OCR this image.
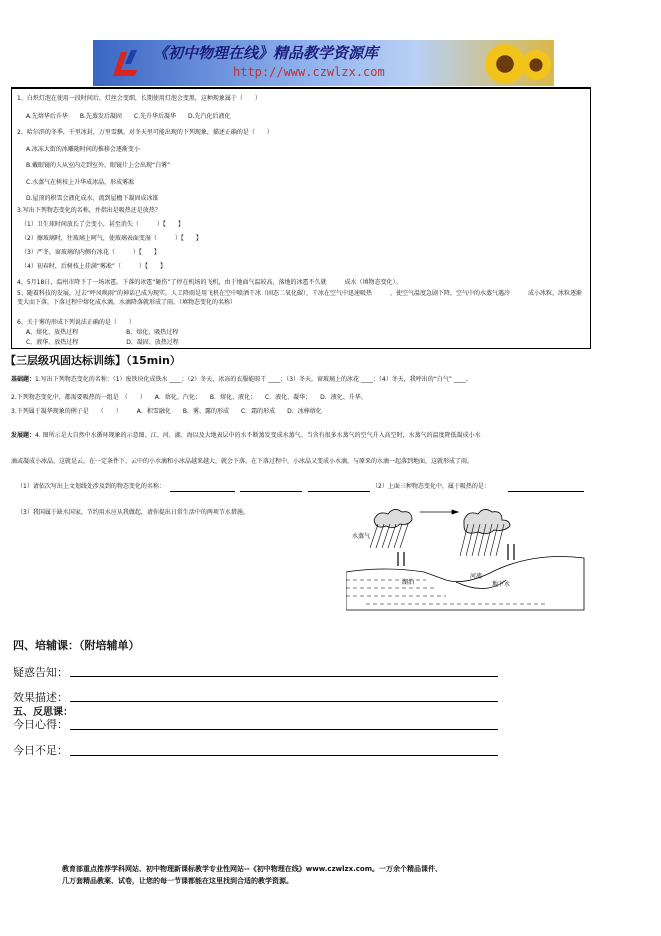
《初中物理在线》精品教学资源库
http://www.czwlzx.com
1、白炽灯泡在使用一段时间后，灯丝会变细，长期使用灯泡会变黑，这种现象属于（　　）
A.先熔华后升华　　B.先蒸发后凝固　　C.先升华后凝华　　D.先汽化后液化
2、哈尔滨的冬季，千里冰封，万里雪飘。对冬天里可能出现的下列现象，描述正确的是（　　）
A.冰冻大街的冰雕随时间的推移会逐渐变小
B.戴眼镜的人从室内走到室外，眼镜片上会出现“白雾”
C.水蒸气在树枝上升华成冰晶，形成雾凇
D.屋顶的积雪会液化成水，流到屋檐下凝固成冰锥
3.写出下列物态变化的名称，并指出是吸热还是放热？
（1）卫生球时间放长了会变小，甚至消失（　　　）【　　】
（2）擦玻璃时，往玻璃上呵气，使玻璃表面变湿（　　　）【　　】
（3）严冬，窗玻璃的内侧有冰花（　　　）【　　】
（4）初春时，后树枝上挂满“雾凇”（　　　）【　　】
4、5月18日，温州市降下了一场冰雹。下落的冰雹“砸伤”了停在机场的飞机，由于地面气温较高，落地的冰雹不久就　　　成水（填物态变化）。
5、随着科技的发展，过去“呼风唤雨”的神话已成为现实。人工降雨是用飞机在空中喷洒干冰（固态二氧化碳），干冰在空气中迅速吸热　　　，使空气温度急剧下降，空气中的水蒸气遇冷　　　成小冰粒，冰粒逐渐变大而下落，下落过程中熔化成水滴，水滴降落就形成了雨。（填物态变化的名称）
6、关于雾的形成下列说法正确的是（　　）
A、熔化、放热过程　　　　　　　　B、熔化、吸热过程
C、液华、放热过程　　　　　　　　D、凝固、放热过程
【三层级巩固达标训练】（15min）
基础题：1.写出下列物态变化的名称：（1）废铁块化成铁水 ____；（2）冬天，冰冻的衣服能晾干 ____；（3）冬天，窗玻璃上的冰花 ____；（4）冬天，我呼出的“白气” ____。
2.下列物态变化中，都需要吸热的一组是　（　　）　　A．熔化、汽化；　　B．熔化、液化；　　C．液化、凝华；　　D．液化、升华。
3.下列属于凝华现象的例子是　　（　　）　　　A．积雪融化　　B．雾、露的形成　　C．霜的形成　　D．冰棒熔化
发展题：4. 图所示是大自然中水循环现象的示意图。江、河、湖、海以及大地表层中的水不断蒸发变成水蒸气。当含有很多水蒸气的空气升入高空时，水蒸气的温度降低凝成小水
滴或凝成小冰晶，这就是云。在一定条件下，云中的小水滴和小冰晶越来越大，就会下落。在下落过程中，小冰晶又变成小水滴，与原来的水滴一起落到地面，这就形成了雨。
（1）请依次写出上文划线处涉及到的物态变化的名称：	（2）上面三种物态变化中，属于吸热的是：
（3）我国属于缺水国家，节约用水应从我做起，请你提出日常生活中的两项节水措施。
水蒸气
湖泊
河流
地下水
四、培辅课：（附培辅单）
疑惑告知：
效果描述：
五、反思课：
今日心得：
今日不足：
教育部重点推荐学科网站、初中物理新课标教学专业性网站--《初中物理在线》www.czwlzx.com。一万余个精品课件、
几万套精品教案、试卷，让您的每一节课都能在这里找到合适的教学资源。
